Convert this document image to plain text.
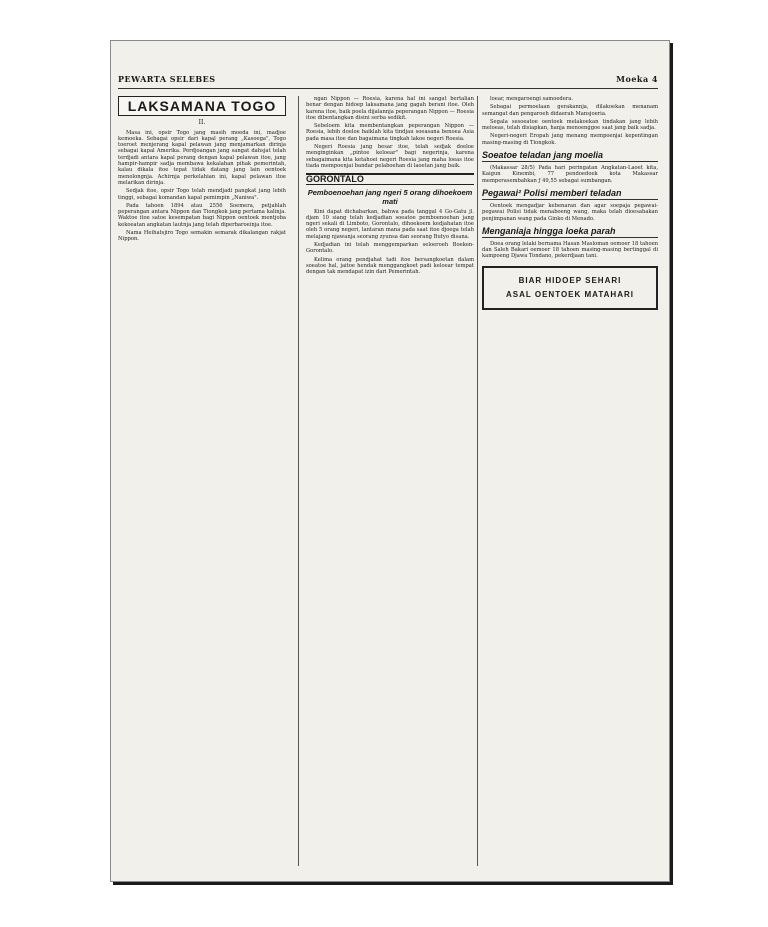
PEWARTA SELEBES	Moeka 4
LAKSAMANA TOGO
II.

Masa ini, opsir Togo jang masih moeda ini, madjoe kemoeka. Sebagai opsir dari kapal perang „Kasoega", Togo toeroet menjerang kapal pelawan jang menjamarkan dirinja sebagai kapal Amerika. Perdjoangan jang sangat dahsjat telah terdjadi antara kapal perang dengan kapal pelawan itoe, jang hampir-hampir sadja membawa kekalahan pihak pemerintah, kalau dikala itoe tepat tidak datang jang lain oentoek menolongnja. Achirnja perkelahian ini, kapal pelawan itoe melarikan dirinja.

Sedjak itoe, opsir Togo telah mendjadi pangkat jang lebih tinggi, sebagai komandan kapal pemimpin „Naniwa".

Pada tahoen 1894 atau 2556 Soemera, petjahlah peperangan antara Nippon dan Tiongkok jang pertama kalinja. Waktoe itoe satoe kesempatan bagi Nippon oentoek mentjoba kekoeatan angkatan lautnja jang telah diperbaroeinja itoe.

Nama Heihatsjiro Togo semakin semarak dikalangan rakjat Nippon.

ngan Nippon — Roesia, karena hal ini sangat bertalian benar dengan hidoep laksamana jang gagah berani itoe. Oleh karena itoe, baik poela dijalannja peperangan Nippon — Roesia itoe dibentangkan disini serba sedikit.

Sebeloem kita membentangkan peperangan Nippon — Roesia, lebih doeloe baiklah kita tindjau soeasana benoea Asia pada masa itoe dan bagaimana tingkah lakoe negeri Roesia.

Negeri Roesia jang besar itoe, telah sedjak doeloe menginginkan „pintoe keloear" bagi negerinja, karena sebagaimana kita ketahoei negeri Roesia jang maha loeas itoe tiada mempoenjai bandar pelaboehan di laoetan jang baik.

GORONTALO
Pemboenoehan jang ngeri 5 orang dihoekoem mati

Kini dapat dichabarkan, bahwa pada tanggal 4 Go-Gatu jl. djam 10 siang telah kedjadian soeatoe pemboenoehan jang ngeri sekali di Limboto, Gorontalo, dihoekoem kedjahatan itoe oleh 5 orang negeri, lantaran mana pada saat itoe djoega telah melajang njawanja seorang zyunsa dan seorang Butyo disana.

Kedjadian ini telah menggemparkan seloeroeh Boeken-Gorontalo.

Kelima orang pendjahat tadi itoe bersangkoetan dalam soeatoe hal, jaitoe hendak menggangkoet padi keloear tempat dengan tak mendapat izin dari Pemerintah.

loear, mengaroengi samoedera.

Sebagai permoelaan gerakannja, dilakoekan menanam semangat dan pengaroeh didaerah Mansjoeria.

Segala sesoeatoe oentoek melakoekan tindakan jang lebih meloeas, telah disiapkan, hanja menoenggoe saat jang baik sadja.

Negeri-negeri Eropah jang menang mempoenjai kepentingan masing-masing di Tiongkok.

Soeatoe teladan jang moelia

(Makassar 28/5) Pada hari peringatan Angkatan-Laoet kita, Kaigun Kinembi, 77 pendoedoek kota Makassar memperasembahkan ƒ 49,55 sebagai sumbangan.

Pegawai² Polisi memberi teladan

Oentoek mengadjar kebenaran dan agar soepaja pegawai-pegawai Polisi tidak menaboeng wang, maka telah dioesahakan penjimpanan wang pada Ginko di Menado.

Menganiaja hingga loeka parah

Doea orang lelaki bernama Hasan Masloman oemoer 18 tahoen dan Saleh Bakari oemoer 18 tahoen masing-masing bertinggal di kampoeng Djawa Tondano, pekerdjaan tani.

BIAR HIDOEP SEHARI
ASAL OENTOEK MATAHARI
